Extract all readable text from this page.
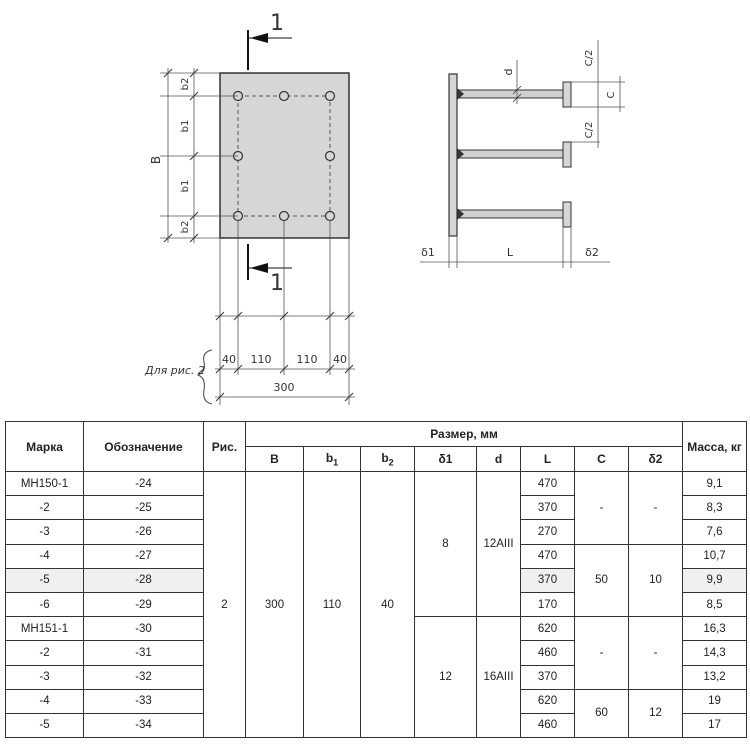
B
b2
b1
b1
b2
1
1
40 110 110 40
300
Для рис. 2
d
C/2
C
C/2
δ1	L	δ2
Марка	Обозначение	Рис.	Размер, мм								Масса, кг
			B	$b_1$	$b_2$	δ1	d	L	C	δ2	
МН150-1	-24	2	300	110	40	8	12AIII	470	-	-	9,1
-2	-25							370			8,3
-3	-26							270			7,6
-4	-27							470	50	10	10,7
-5	-28							370			9,9
-6	-29							170			8,5
МН151-1	-30					12	16AIII	620	-	-	16,3
-2	-31							460			14,3
-3	-32							370			13,2
-4	-33							620	60	12	19
-5	-34							460			17
